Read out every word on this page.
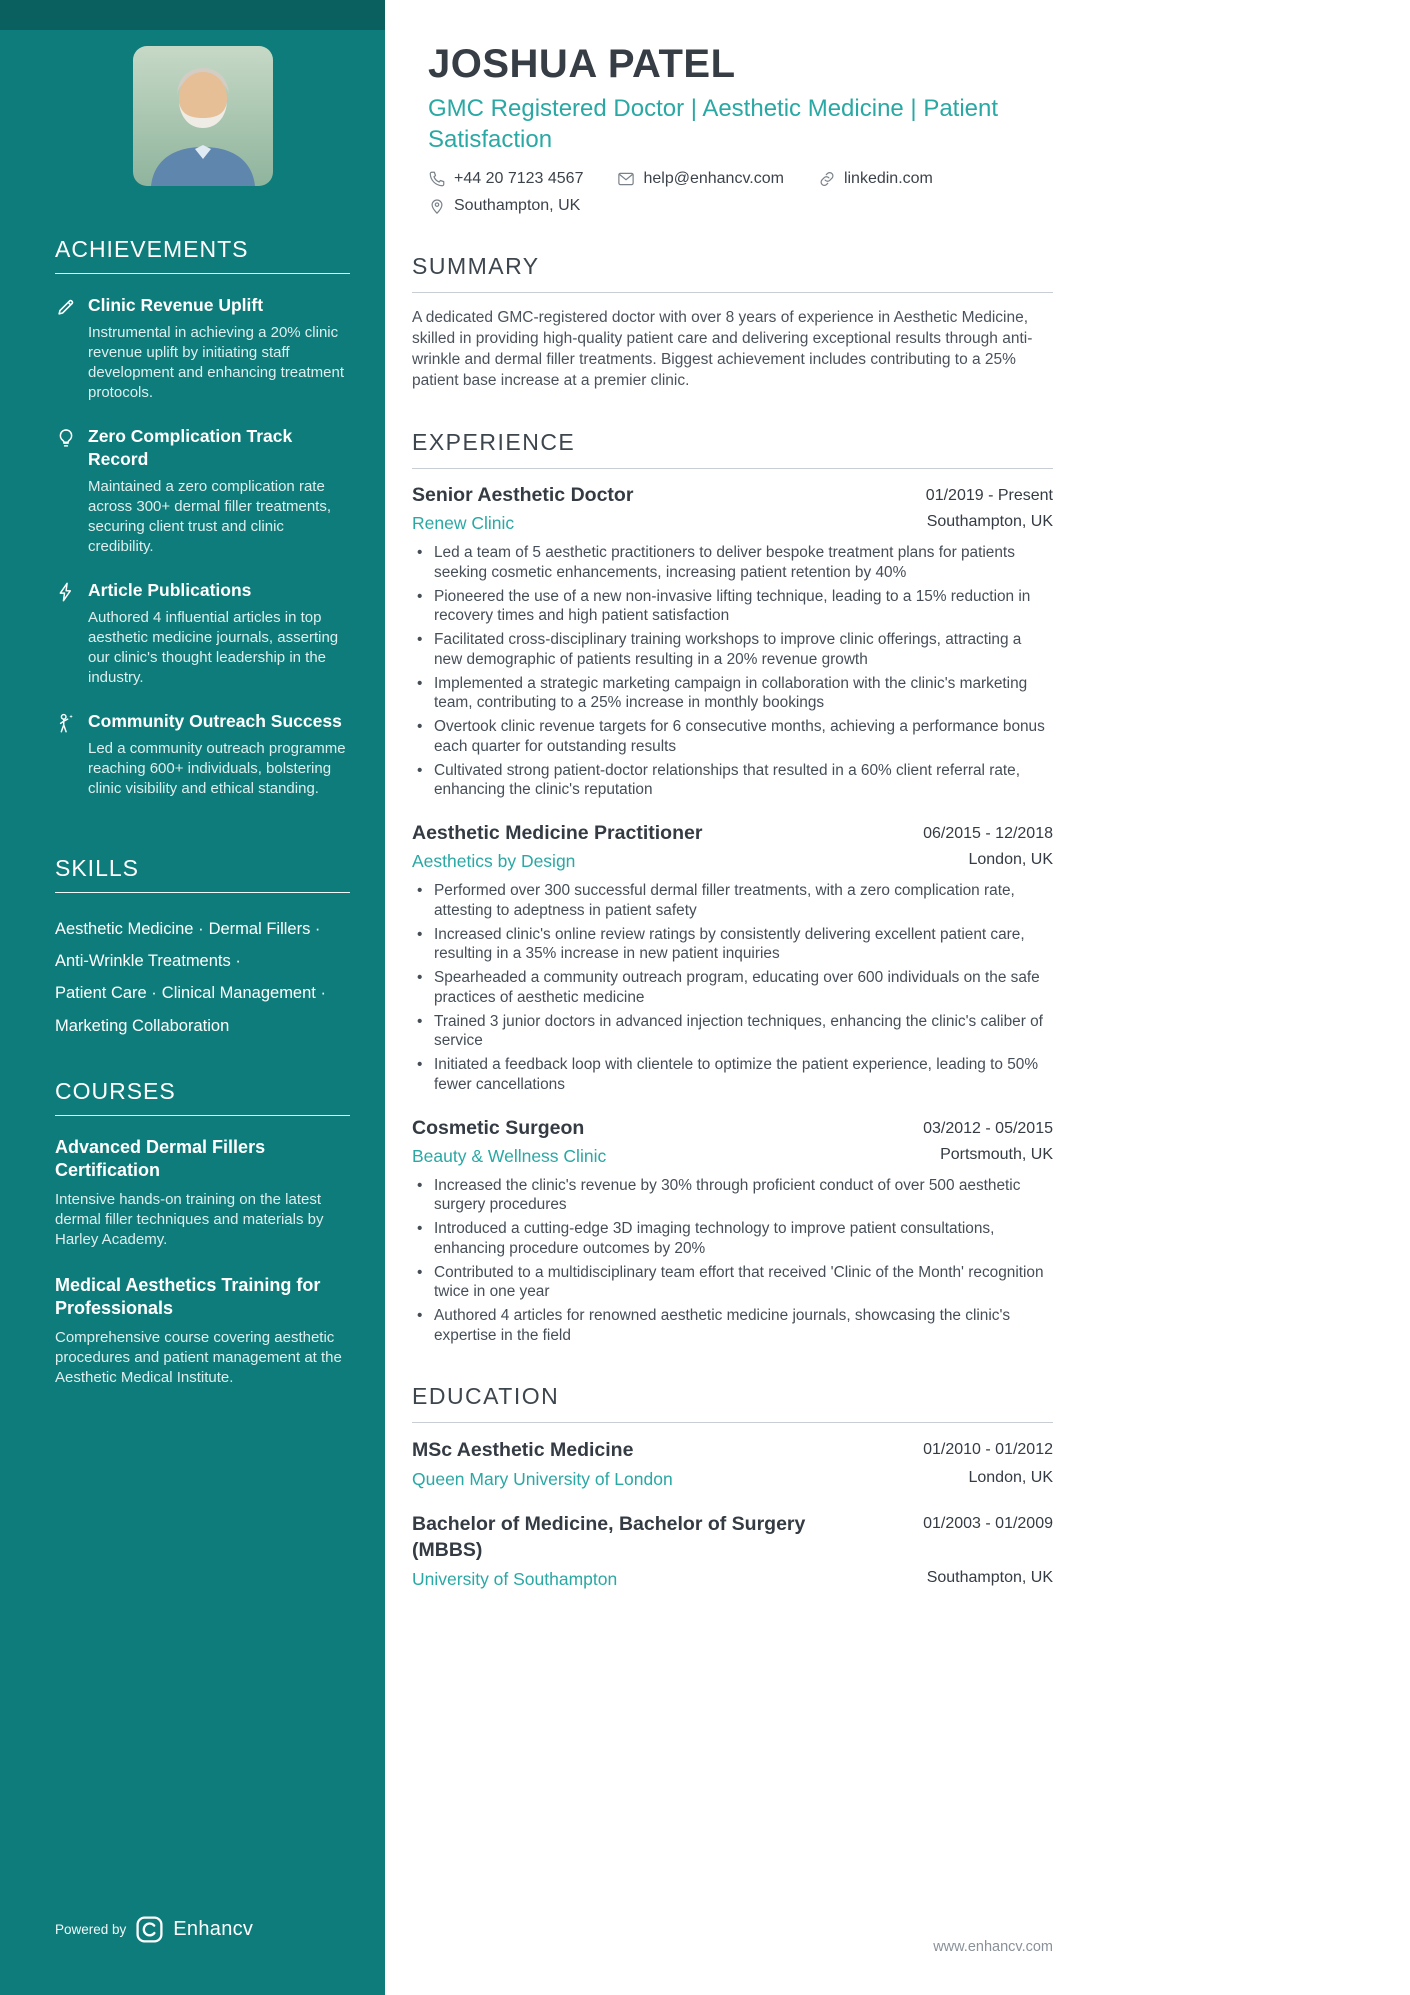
ACHIEVEMENTS
Clinic Revenue Uplift
Instrumental in achieving a 20% clinic revenue uplift by initiating staff development and enhancing treatment protocols.
Zero Complication Track Record
Maintained a zero complication rate across 300+ dermal filler treatments, securing client trust and clinic credibility.
Article Publications
Authored 4 influential articles in top aesthetic medicine journals, asserting our clinic's thought leadership in the industry.
Community Outreach Success
Led a community outreach programme reaching 600+ individuals, bolstering clinic visibility and ethical standing.
SKILLS
Aesthetic Medicine · Dermal Fillers ·Anti-Wrinkle Treatments ·Patient Care · Clinical Management ·Marketing Collaboration
COURSES
Advanced Dermal Fillers Certification
Intensive hands-on training on the latest dermal filler techniques and materials by Harley Academy.
Medical Aesthetics Training for Professionals
Comprehensive course covering aesthetic procedures and patient management at the Aesthetic Medical Institute.
Powered by Enhancv
JOSHUA PATEL
GMC Registered Doctor | Aesthetic Medicine | Patient Satisfaction
+44 20 7123 4567	help@enhancv.com	linkedin.com
Southampton, UK
SUMMARY

A dedicated GMC-registered doctor with over 8 years of experience in Aesthetic Medicine, skilled in providing high-quality patient care and delivering exceptional results through anti-wrinkle and dermal filler treatments. Biggest achievement includes contributing to a 25% patient base increase at a premier clinic.

EXPERIENCE
Senior Aesthetic Doctor	01/2019 - Present
Renew Clinic	Southampton, UK
• Led a team of 5 aesthetic practitioners to deliver bespoke treatment plans for patients seeking cosmetic enhancements, increasing patient retention by 40%
• Pioneered the use of a new non-invasive lifting technique, leading to a 15% reduction in recovery times and high patient satisfaction
• Facilitated cross-disciplinary training workshops to improve clinic offerings, attracting a new demographic of patients resulting in a 20% revenue growth
• Implemented a strategic marketing campaign in collaboration with the clinic's marketing team, contributing to a 25% increase in monthly bookings
• Overtook clinic revenue targets for 6 consecutive months, achieving a performance bonus each quarter for outstanding results
• Cultivated strong patient-doctor relationships that resulted in a 60% client referral rate, enhancing the clinic's reputation
Aesthetic Medicine Practitioner	06/2015 - 12/2018
Aesthetics by Design	London, UK
• Performed over 300 successful dermal filler treatments, with a zero complication rate, attesting to adeptness in patient safety
• Increased clinic's online review ratings by consistently delivering excellent patient care, resulting in a 35% increase in new patient inquiries
• Spearheaded a community outreach program, educating over 600 individuals on the safe practices of aesthetic medicine
• Trained 3 junior doctors in advanced injection techniques, enhancing the clinic's caliber of service
• Initiated a feedback loop with clientele to optimize the patient experience, leading to 50% fewer cancellations
Cosmetic Surgeon	03/2012 - 05/2015
Beauty & Wellness Clinic	Portsmouth, UK
• Increased the clinic's revenue by 30% through proficient conduct of over 500 aesthetic surgery procedures
• Introduced a cutting-edge 3D imaging technology to improve patient consultations, enhancing procedure outcomes by 20%
• Contributed to a multidisciplinary team effort that received 'Clinic of the Month' recognition twice in one year
• Authored 4 articles for renowned aesthetic medicine journals, showcasing the clinic's expertise in the field
EDUCATION
MSc Aesthetic Medicine	01/2010 - 01/2012
Queen Mary University of London	London, UK
Bachelor of Medicine, Bachelor of Surgery (MBBS)
01/2003 - 01/2009
University of Southampton	Southampton, UK
www.enhancv.com
